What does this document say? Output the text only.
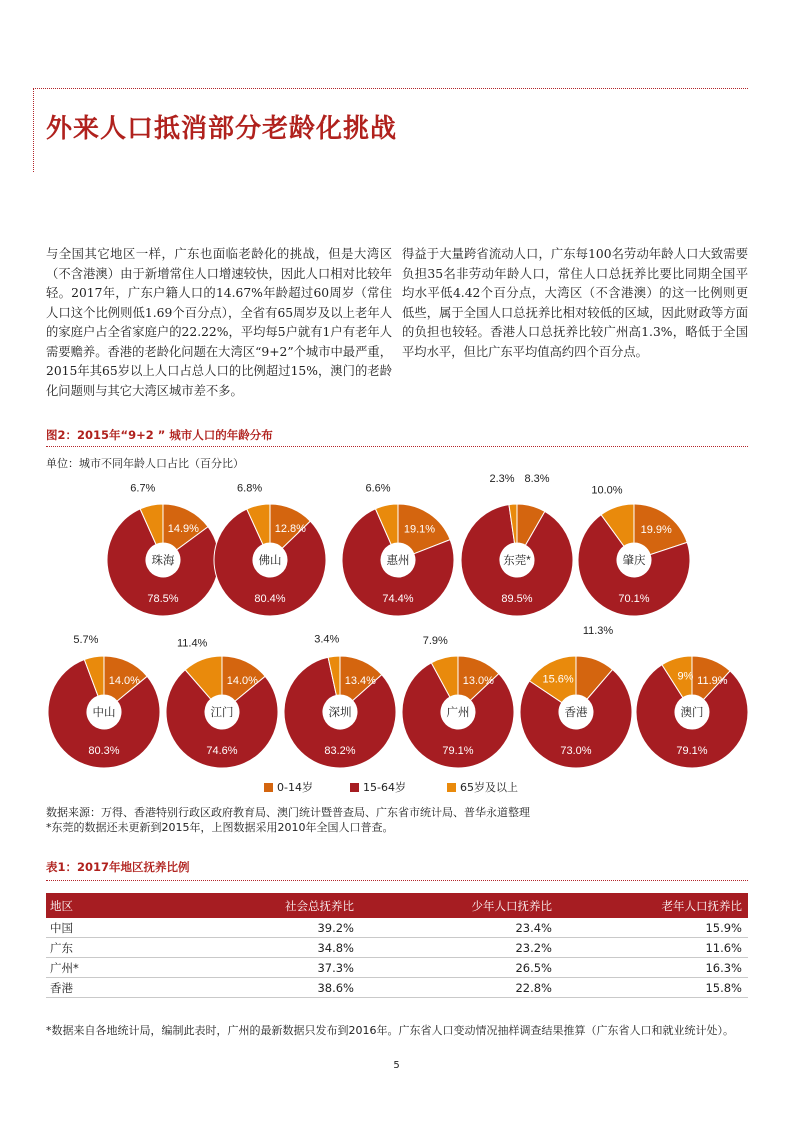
外来人口抵消部分老龄化挑战

与全国其它地区一样，广东也面临老龄化的挑战，但是大湾区（不含港澳）由于新增常住人口增速较快，因此人口相对比较年轻。2017年，广东户籍人口的14.67%年龄超过60周岁（常住人口这个比例则低1.69个百分点），全省有65周岁及以上老年人的家庭户占全省家庭户的22.22%，平均每5户就有1户有老年人需要赡养。香港的老龄化问题在大湾区“9+2”个城市中最严重，2015年其65岁以上人口占总人口的比例超过15%，澳门的老龄化问题则与其它大湾区城市差不多。

得益于大量跨省流动人口，广东每100名劳动年龄人口大致需要负担35名非劳动年龄人口，常住人口总抚养比要比同期全国平均水平低4.42个百分点，大湾区（不含港澳）的这一比例则更低些，属于全国人口总抚养比相对较低的区域，因此财政等方面的负担也较轻。香港人口总抚养比较广州高1.3%，略低于全国平均水平，但比广东平均值高约四个百分点。

图2：2015年“9+2 ” 城市人口的年龄分布
单位：城市不同年龄人口占比（百分比）
珠海
14.9%
78.5%
6.7%
佛山
12.8%
80.4%
6.8%
惠州
19.1%
74.4%
6.6%
东莞*
8.3%
89.5%
2.3%
肇庆
19.9%
70.1%
10.0%
中山
14.0%
80.3%
5.7%
江门
14.0%
74.6%
11.4%
深圳
13.4%
83.2%
3.4%
广州
13.0%
79.1%
7.9%
香港
11.3%
73.0%
15.6%
澳门
11.9%
79.1%
9%
0-14岁	15-64岁	65岁及以上
数据来源：万得、香港特别行政区政府教育局、澳门统计暨普查局、广东省市统计局、普华永道整理
*东莞的数据还未更新到2015年，上图数据采用2010年全国人口普查。
表1：2017年地区抚养比例
地区	社会总抚养比	少年人口抚养比	老年人口抚养比
中国	39.2%	23.4%	15.9%
广东	34.8%	23.2%	11.6%
广州*	37.3%	26.5%	16.3%
香港	38.6%	22.8%	15.8%
*数据来自各地统计局，编制此表时，广州的最新数据只发布到2016年。广东省人口变动情况抽样调查结果推算（广东省人口和就业统计处）。
5
